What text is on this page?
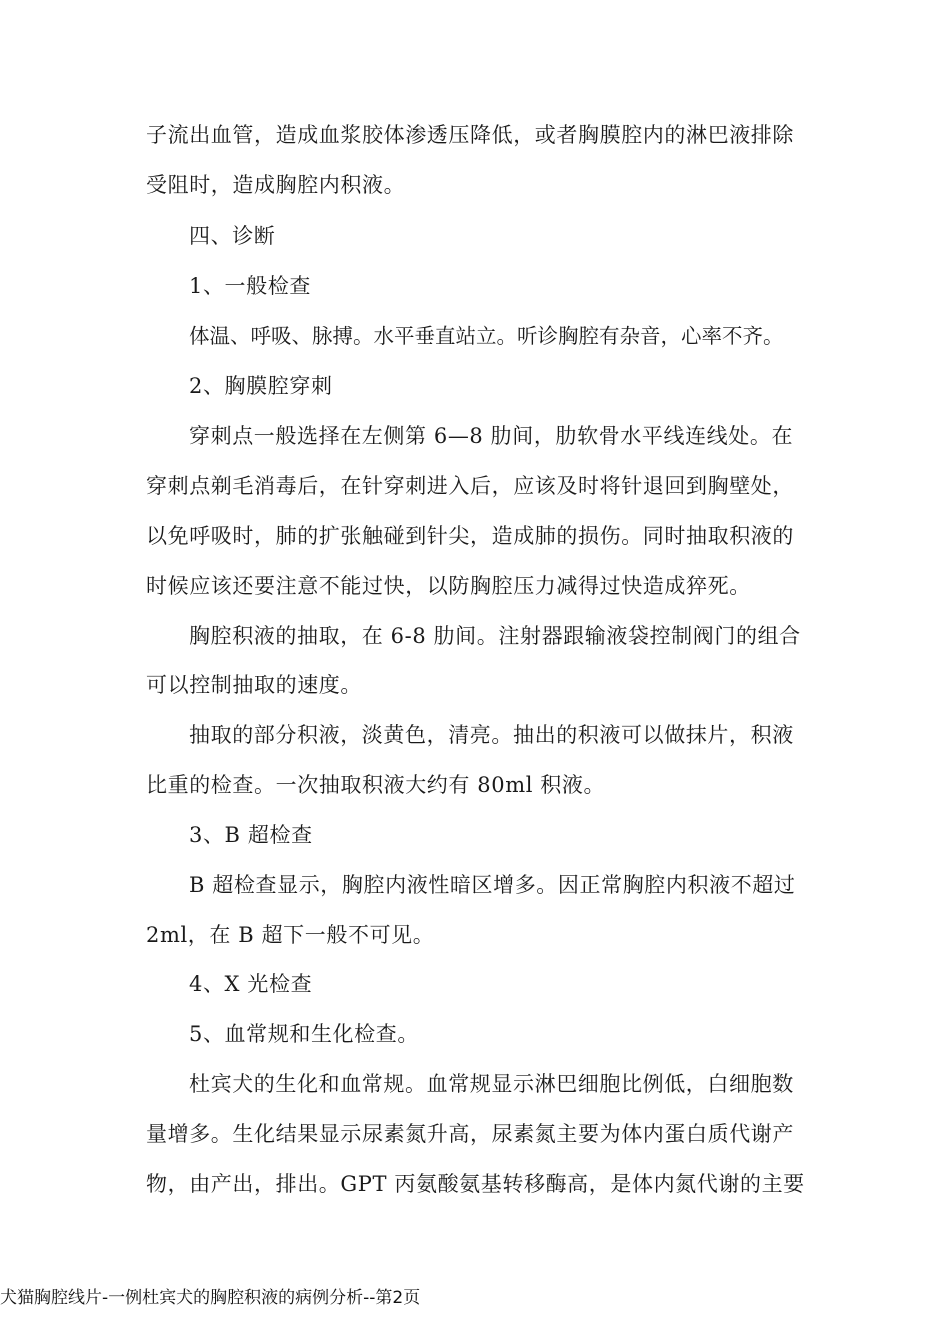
子流出血管，造成血浆胶体渗透压降低，或者胸膜腔内的淋巴液排除
受阻时，造成胸腔内积液。
四、诊断
1、一般检查
体温、呼吸、脉搏。水平垂直站立。听诊胸腔有杂音，心率不齐。
2、胸膜腔穿刺
穿刺点一般选择在左侧第 6—8 肋间，肋软骨水平线连线处。在
穿刺点剃毛消毒后，在针穿刺进入后，应该及时将针退回到胸壁处，
以免呼吸时，肺的扩张触碰到针尖，造成肺的损伤。同时抽取积液的
时候应该还要注意不能过快，以防胸腔压力减得过快造成猝死。
胸腔积液的抽取，在 6-8 肋间。注射器跟输液袋控制阀门的组合
可以控制抽取的速度。
抽取的部分积液，淡黄色，清亮。抽出的积液可以做抹片，积液
比重的检查。一次抽取积液大约有 80ml 积液。
3、B 超检查
B 超检查显示，胸腔内液性暗区增多。因正常胸腔内积液不超过
2ml，在 B 超下一般不可见。
4、X 光检查
5、血常规和生化检查。
杜宾犬的生化和血常规。血常规显示淋巴细胞比例低，白细胞数
量增多。生化结果显示尿素氮升高，尿素氮主要为体内蛋白质代谢产
物，由产出，排出。GPT 丙氨酸氨基转移酶高，是体内氮代谢的主要
犬猫胸腔线片-一例杜宾犬的胸腔积液的病例分析--第2页
